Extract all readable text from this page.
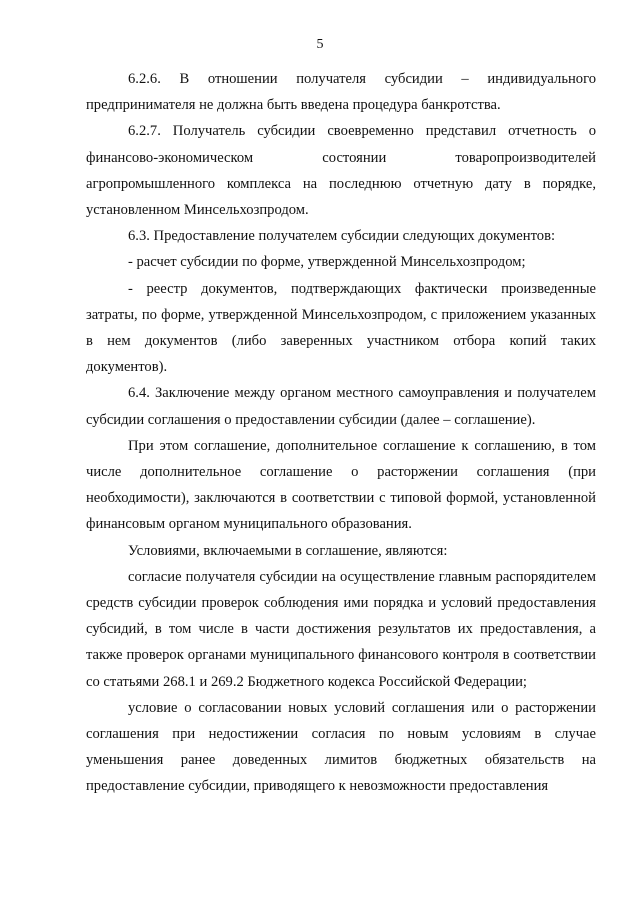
5

6.2.6. В отношении получателя субсидии – индивидуального предпринимателя не должна быть введена процедура банкротства.

6.2.7. Получатель субсидии своевременно представил отчетность о финансово-экономическом состоянии товаропроизводителей агропромышленного комплекса на последнюю отчетную дату в порядке, установленном Минсельхозпродом.

6.3. Предоставление получателем субсидии следующих документов:

- расчет субсидии по форме, утвержденной Минсельхозпродом;

- реестр документов, подтверждающих фактически произведенные затраты, по форме, утвержденной Минсельхозпродом, с приложением указанных в нем документов (либо заверенных участником отбора копий таких документов).

6.4. Заключение между органом местного самоуправления и получателем субсидии соглашения о предоставлении субсидии (далее – соглашение).

При этом соглашение, дополнительное соглашение к соглашению, в том числе дополнительное соглашение о расторжении соглашения (при необходимости), заключаются в соответствии с типовой формой, установленной финансовым органом муниципального образования.

Условиями, включаемыми в соглашение, являются:

согласие получателя субсидии на осуществление главным распорядителем средств субсидии проверок соблюдения ими порядка и условий предоставления субсидий, в том числе в части достижения результатов их предоставления, а также проверок органами муниципального финансового контроля в соответствии со статьями 268.1 и 269.2 Бюджетного кодекса Российской Федерации;

условие о согласовании новых условий соглашения или о расторжении соглашения при недостижении согласия по новым условиям в случае уменьшения ранее доведенных лимитов бюджетных обязательств на предоставление субсидии, приводящего к невозможности предоставления
